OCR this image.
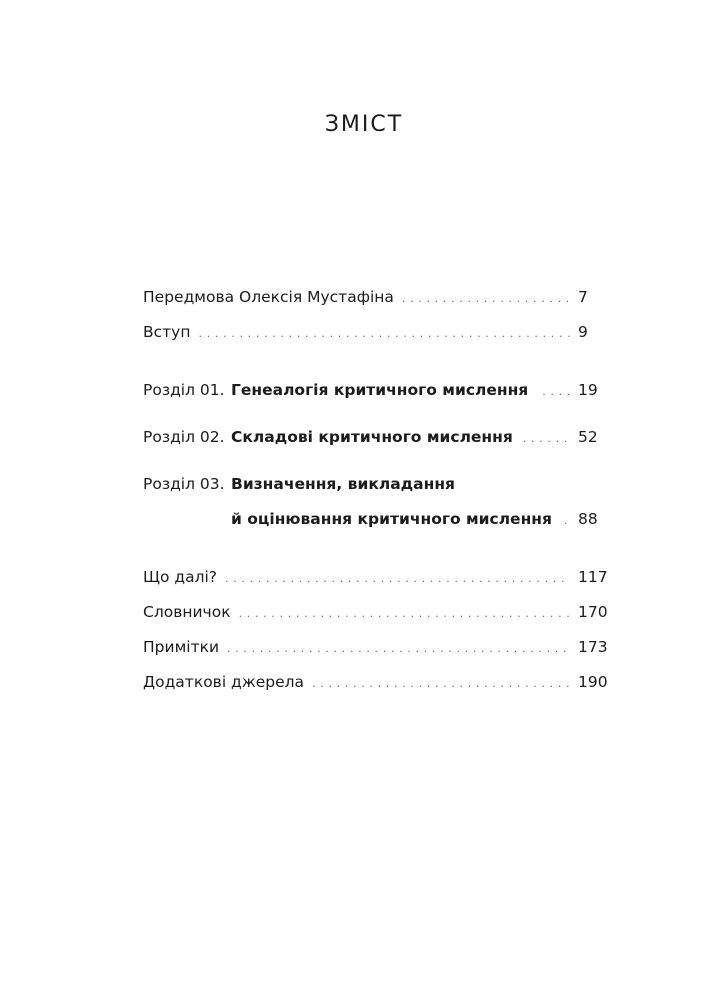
ЗМІСТ
Передмова Олексія Мустафіна . . .	7
Вступ . . .	9
Розділ 01. Генеалогія критичного мислення . . .	19
Розділ 02. Складові критичного мислення . . .	52
Розділ 03. Визначення, викладання
й оцінювання критичного мислення . . . 88
Що далі? . . .	117
Словничок . . .	170
Примітки . . .	173
Додаткові джерела . . .	190
